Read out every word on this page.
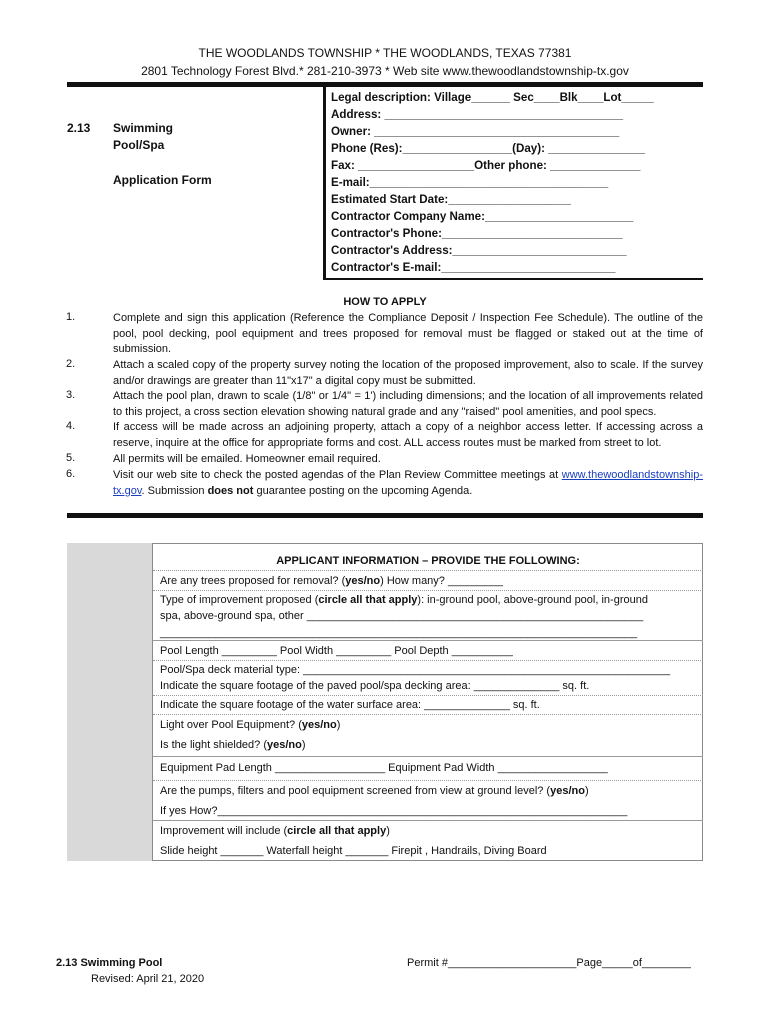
THE WOODLANDS TOWNSHIP * THE WOODLANDS, TEXAS 77381
2801 Technology Forest Blvd.* 281-210-3973 * Web site www.thewoodlandstownship-tx.gov
2.13 Swimming
Pool/Spa
Application Form
Legal description: Village______ Sec____Blk____Lot_____
Address: _____________________________________
Owner: ______________________________________
Phone (Res):_________________(Day): _______________
Fax: __________________Other phone: ______________
E-mail:_____________________________________
Estimated Start Date:___________________
Contractor Company Name:_______________________
Contractor's Phone:____________________________
Contractor's Address:___________________________
Contractor's E-mail:___________________________
HOW TO APPLY
1.	Complete and sign this application (Reference the Compliance Deposit / Inspection Fee Schedule). The outline of the pool, pool decking, pool equipment and trees proposed for removal must be flagged or staked out at the time of submission.
2.	Attach a scaled copy of the property survey noting the location of the proposed improvement, also to scale. If the survey and/or drawings are greater than 11"x17" a digital copy must be submitted.
3.	Attach the pool plan, drawn to scale (1/8" or 1/4" = 1') including dimensions; and the location of all improvements related to this project, a cross section elevation showing natural grade and any "raised" pool amenities, and pool specs.
4.	If access will be made across an adjoining property, attach a copy of a neighbor access letter. If accessing across a reserve, inquire at the office for appropriate forms and cost. ALL access routes must be marked from street to lot.
5.	All permits will be emailed. Homeowner email required.
6.	Visit our web site to check the posted agendas of the Plan Review Committee meetings at www.thewoodlandstownship-tx.gov. Submission does not guarantee posting on the upcoming Agenda.
APPLICANT INFORMATION – PROVIDE THE FOLLOWING:
Are any trees proposed for removal? (yes/no) How many? _________
Type of improvement proposed (circle all that apply): in-ground pool, above-ground pool, in-ground
spa, above-ground spa, other _______________________________________________________
______________________________________________________________________________
Pool Length _________ Pool Width _________ Pool Depth __________
Pool/Spa deck material type: ____________________________________________________________
Indicate the square footage of the paved pool/spa decking area: ______________ sq. ft.
Indicate the square footage of the water surface area: ______________ sq. ft.
Light over Pool Equipment? (yes/no)
Is the light shielded? (yes/no)
Equipment Pad Length __________________ Equipment Pad Width __________________
Are the pumps, filters and pool equipment screened from view at ground level? (yes/no)
If yes How?___________________________________________________________________
Improvement will include (circle all that apply)
Slide height _______ Waterfall height _______ Firepit , Handrails, Diving Board
2.13 Swimming Pool
Revised: April 21, 2020
Permit #_____________________Page_____of________
